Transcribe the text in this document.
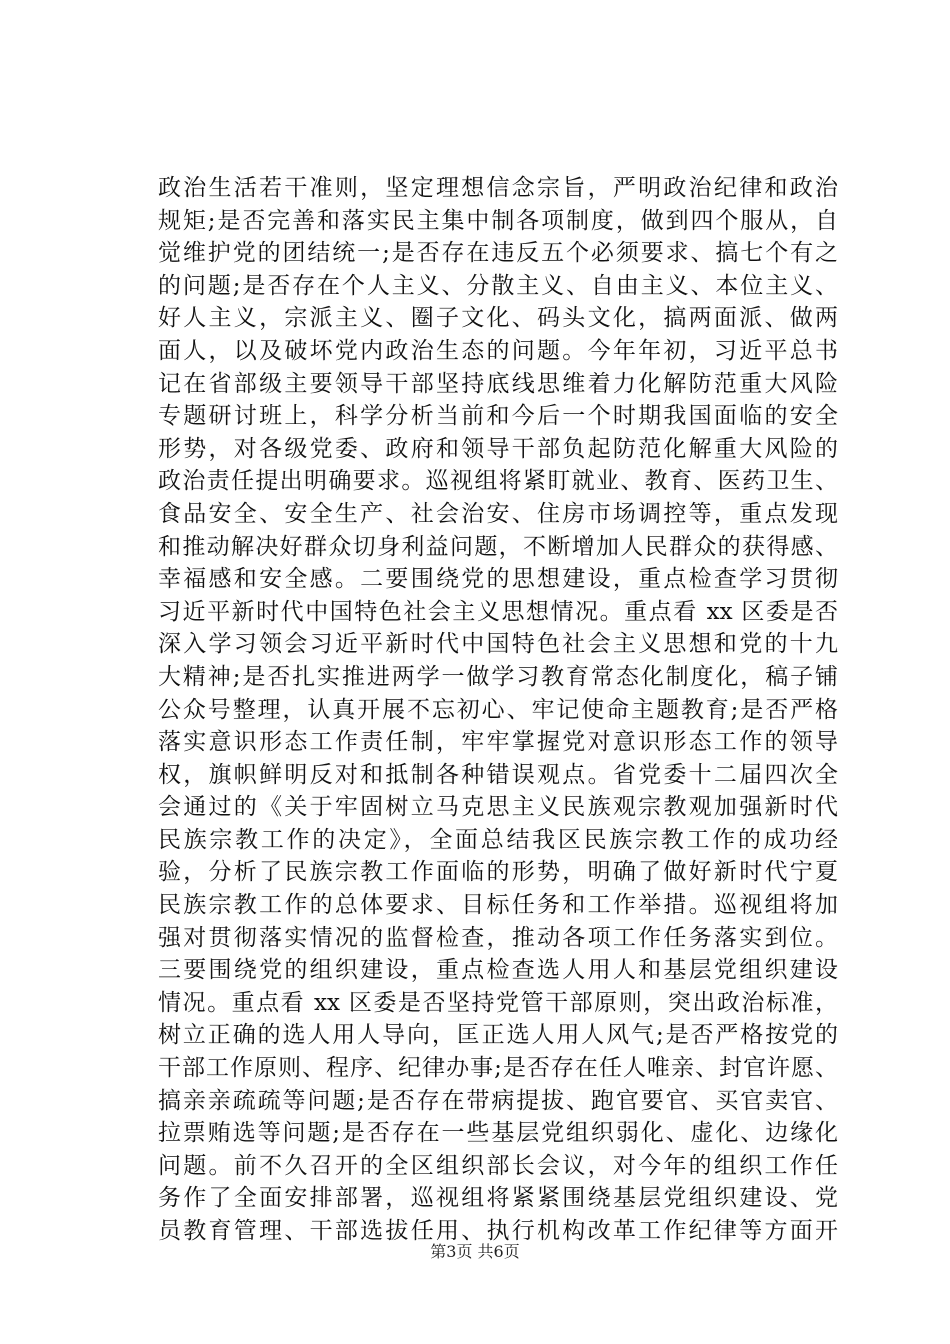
政治生活若干准则，坚定理想信念宗旨，严明政治纪律和政治
规矩;是否完善和落实民主集中制各项制度，做到四个服从，自
觉维护党的团结统一;是否存在违反五个必须要求、搞七个有之
的问题;是否存在个人主义、分散主义、自由主义、本位主义、
好人主义，宗派主义、圈子文化、码头文化，搞两面派、做两
面人，以及破坏党内政治生态的问题。今年年初，习近平总书
记在省部级主要领导干部坚持底线思维着力化解防范重大风险
专题研讨班上，科学分析当前和今后一个时期我国面临的安全
形势，对各级党委、政府和领导干部负起防范化解重大风险的
政治责任提出明确要求。巡视组将紧盯就业、教育、医药卫生、
食品安全、安全生产、社会治安、住房市场调控等，重点发现
和推动解决好群众切身利益问题，不断增加人民群众的获得感、
幸福感和安全感。二要围绕党的思想建设，重点检查学习贯彻
习近平新时代中国特色社会主义思想情况。重点看 xx 区委是否
深入学习领会习近平新时代中国特色社会主义思想和党的十九
大精神;是否扎实推进两学一做学习教育常态化制度化，稿子铺
公众号整理，认真开展不忘初心、牢记使命主题教育;是否严格
落实意识形态工作责任制，牢牢掌握党对意识形态工作的领导
权，旗帜鲜明反对和抵制各种错误观点。省党委十二届四次全
会通过的《关于牢固树立马克思主义民族观宗教观加强新时代
民族宗教工作的决定》，全面总结我区民族宗教工作的成功经
验，分析了民族宗教工作面临的形势，明确了做好新时代宁夏
民族宗教工作的总体要求、目标任务和工作举措。巡视组将加
强对贯彻落实情况的监督检查，推动各项工作任务落实到位。
三要围绕党的组织建设，重点检查选人用人和基层党组织建设
情况。重点看 xx 区委是否坚持党管干部原则，突出政治标准，
树立正确的选人用人导向，匡正选人用人风气;是否严格按党的
干部工作原则、程序、纪律办事;是否存在任人唯亲、封官许愿、
搞亲亲疏疏等问题;是否存在带病提拔、跑官要官、买官卖官、
拉票贿选等问题;是否存在一些基层党组织弱化、虚化、边缘化
问题。前不久召开的全区组织部长会议，对今年的组织工作任
务作了全面安排部署，巡视组将紧紧围绕基层党组织建设、党
员教育管理、干部选拔任用、执行机构改革工作纪律等方面开
第3页 共6页
